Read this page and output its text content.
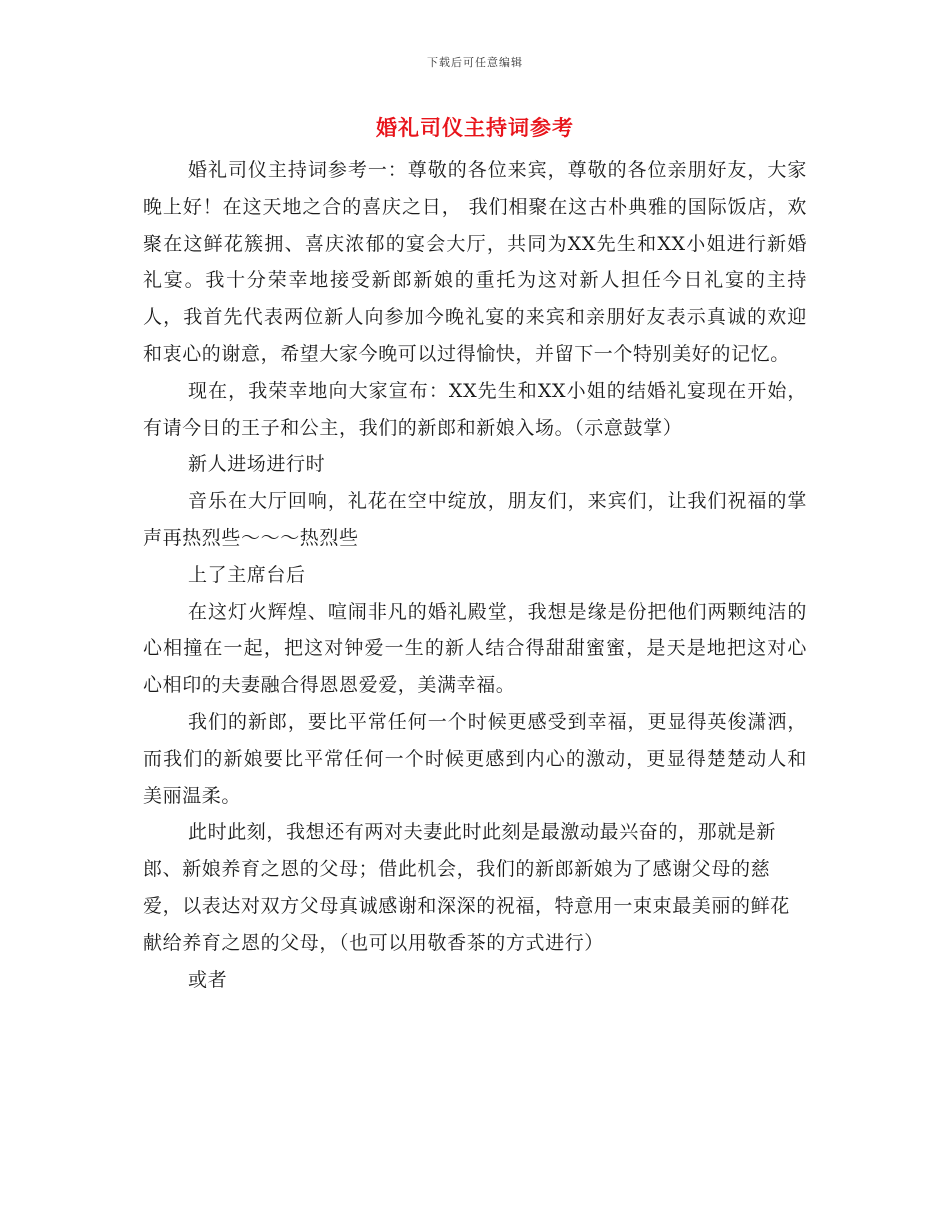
下载后可任意编辑
婚礼司仪主持词参考

婚礼司仪主持词参考一：尊敬的各位来宾，尊敬的各位亲朋好友，大家晚上好！在这天地之合的喜庆之日， 我们相聚在这古朴典雅的国际饭店，欢聚在这鲜花簇拥、喜庆浓郁的宴会大厅，共同为XX先生和XX小姐进行新婚礼宴。我十分荣幸地接受新郎新娘的重托为这对新人担任今日礼宴的主持人，我首先代表两位新人向参加今晚礼宴的来宾和亲朋好友表示真诚的欢迎和衷心的谢意，希望大家今晚可以过得愉快，并留下一个特别美好的记忆。

现在，我荣幸地向大家宣布：XX先生和XX小姐的结婚礼宴现在开始，有请今日的王子和公主，我们的新郎和新娘入场。（示意鼓掌）

新人进场进行时

音乐在大厅回响，礼花在空中绽放，朋友们，来宾们，让我们祝福的掌声再热烈些～～～热烈些

上了主席台后

在这灯火辉煌、喧闹非凡的婚礼殿堂，我想是缘是份把他们两颗纯洁的心相撞在一起，把这对钟爱一生的新人结合得甜甜蜜蜜，是天是地把这对心心相印的夫妻融合得恩恩爱爱，美满幸福。

我们的新郎，要比平常任何一个时候更感受到幸福，更显得英俊潇洒，而我们的新娘要比平常任何一个时候更感到内心的激动，更显得楚楚动人和美丽温柔。

此时此刻，我想还有两对夫妻此时此刻是最激动最兴奋的，那就是新郎、新娘养育之恩的父母；借此机会，我们的新郎新娘为了感谢父母的慈爱，以表达对双方父母真诚感谢和深深的祝福，特意用一束束最美丽的鲜花献给养育之恩的父母，（也可以用敬香茶的方式进行）

或者
